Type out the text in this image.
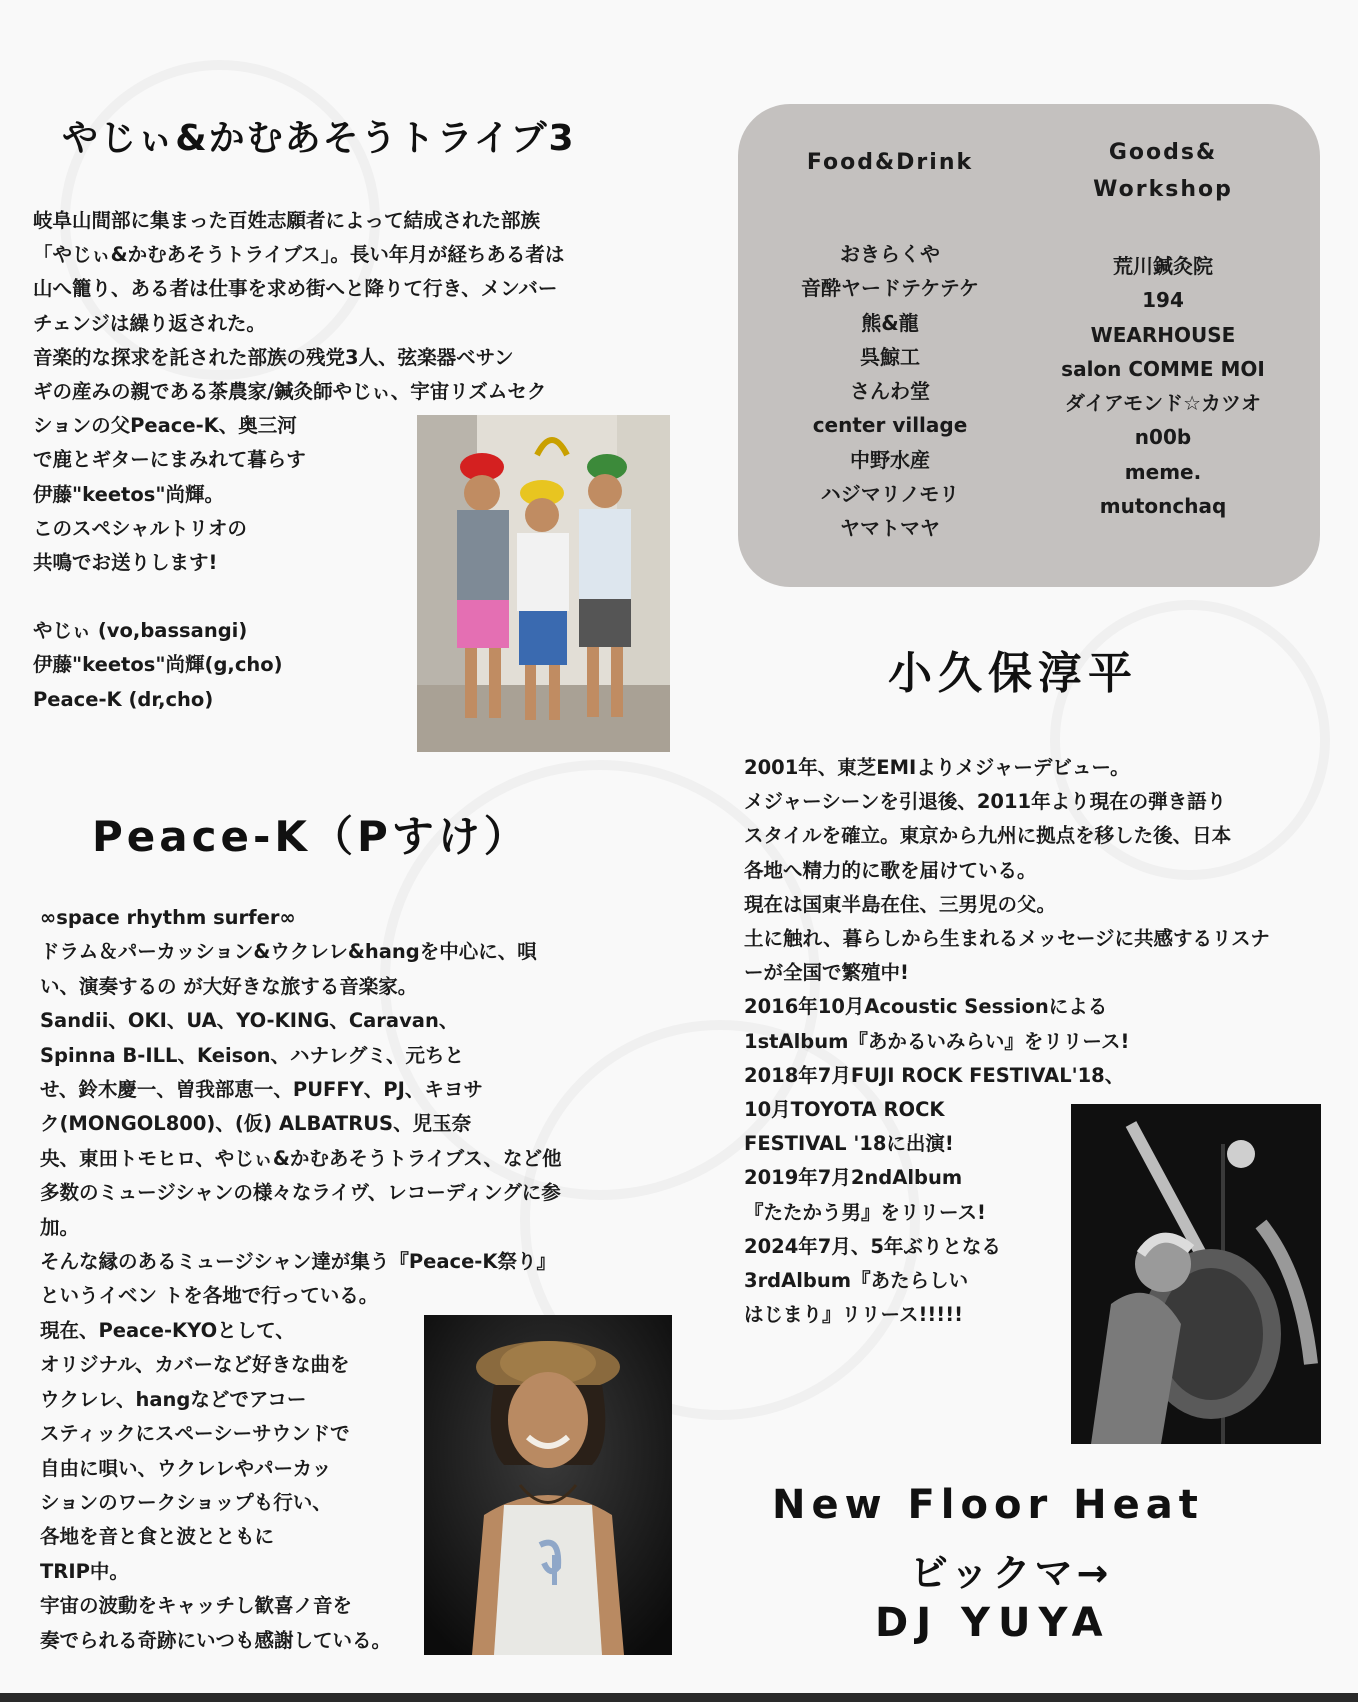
やじぃ&かむあそうトライブ3
岐阜山間部に集まった百姓志願者によって結成された部族
「やじぃ&かむあそうトライブス」。長い年月が経ちある者は
山へ籠り、ある者は仕事を求め街へと降りて行き、メンバー
チェンジは繰り返された。
音楽的な探求を託された部族の残党3人、弦楽器ベサン
ギの産みの親である茶農家/鍼灸師やじぃ、宇宙リズムセク
ションの父Peace-K、奥三河
で鹿とギターにまみれて暮らす
伊藤"keetos"尚輝。
このスペシャルトリオの
共鳴でお送りします!
やじぃ (vo,bassangi)
伊藤"keetos"尚輝(g,cho)
Peace-K (dr,cho)
Peace-K（Pすけ）
∞space rhythm surfer∞
ドラム＆パーカッション&ウクレレ&hangを中心に、唄
い、演奏するの が大好きな旅する音楽家。
Sandii、OKI、UA、YO-KING、Caravan、
Spinna B-ILL、Keison、ハナレグミ、元ちと
せ、鈴木慶一、曽我部恵一、PUFFY、PJ、キヨサ
ク(MONGOL800)、(仮) ALBATRUS、児玉奈
央、東田トモヒロ、やじぃ&かむあそうトライブス、など他
多数のミュージシャンの様々なライヴ、レコーディングに参
加。
そんな縁のあるミュージシャン達が集う『Peace-K祭り』
というイベン トを各地で行っている。
現在、Peace-KYOとして、
オリジナル、カバーなど好きな曲を
ウクレレ、hangなどでアコー
スティックにスペーシーサウンドで
自由に唄い、ウクレレやパーカッ
ションのワークショップも行い、
各地を音と食と波とともに
TRIP中。
宇宙の波動をキャッチし歓喜ノ音を
奏でられる奇跡にいつも感謝している。
Food&Drink	Goods&
Workshop
おきらくや
音酔ヤードテケテケ
熊&龍
呉鯨工
さんわ堂
center village
中野水産
ハジマリノモリ
ヤマトマヤ
荒川鍼灸院
194
WEARHOUSE
salon COMME MOI
ダイアモンド☆カツオ
n00b
meme.
mutonchaq
小久保淳平
2001年、東芝EMIよりメジャーデビュー。
メジャーシーンを引退後、2011年より現在の弾き語り
スタイルを確立。東京から九州に拠点を移した後、日本
各地へ精力的に歌を届けている。
現在は国東半島在住、三男児の父。
土に触れ、暮らしから生まれるメッセージに共感するリスナ
ーが全国で繁殖中!
2016年10月Acoustic Sessionによる
1stAlbum『あかるいみらい』をリリース!
2018年7月FUJI ROCK FESTIVAL'18、
10月TOYOTA ROCK
FESTIVAL '18に出演!
2019年7月2ndAlbum
『たたかう男』をリリース!
2024年7月、5年ぶりとなる
3rdAlbum『あたらしい
はじまり』リリース!!!!!
New Floor Heat
ビックマ→
DJ YUYA
